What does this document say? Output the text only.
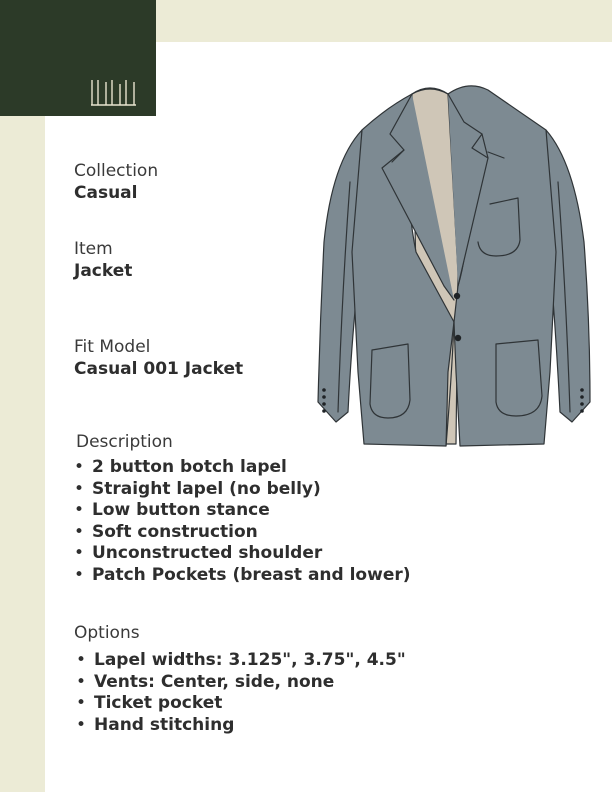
Collection
Casual
Item
Jacket
Fit Model
Casual 001 Jacket
Description
• 2 button botch lapel
• Straight lapel (no belly)
• Low button stance
• Soft construction
• Unconstructed shoulder
• Patch Pockets (breast and lower)
Options
• Lapel widths: 3.125", 3.75", 4.5"
• Vents: Center, side, none
• Ticket pocket
• Hand stitching
